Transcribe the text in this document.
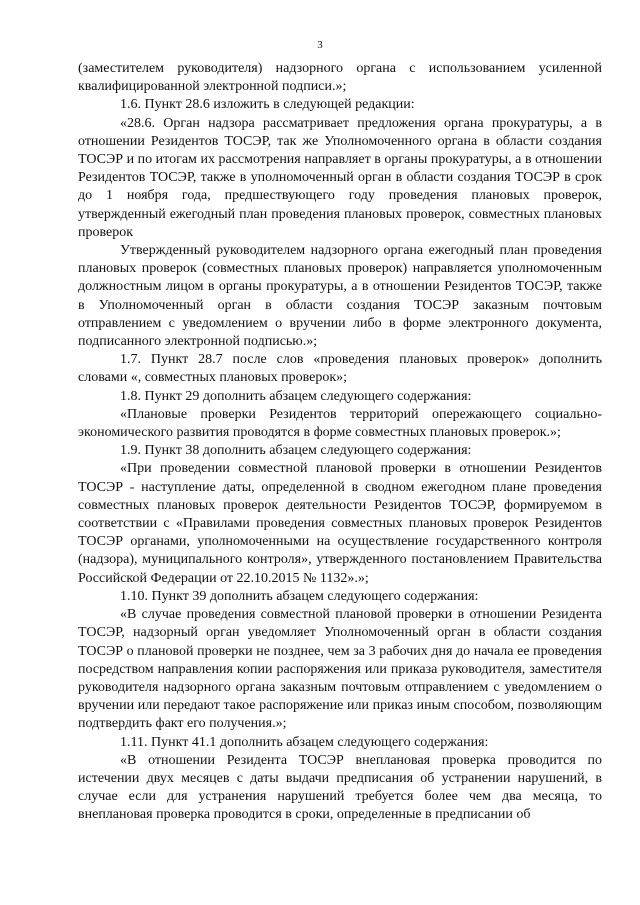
3

(заместителем руководителя) надзорного органа с использованием усиленной квалифицированной электронной подписи.»;

1.6. Пункт 28.6 изложить в следующей редакции:

«28.6. Орган надзора рассматривает предложения органа прокуратуры, а в отношении Резидентов ТОСЭР, так же Уполномоченного органа в области создания ТОСЭР и по итогам их рассмотрения направляет в органы прокуратуры, а в отношении Резидентов ТОСЭР, также в уполномоченный орган в области создания ТОСЭР в срок до 1 ноября года, предшествующего году проведения плановых проверок, утвержденный ежегодный план проведения плановых проверок, совместных плановых проверок

Утвержденный руководителем надзорного органа ежегодный план проведения плановых проверок (совместных плановых проверок) направляется уполномоченным должностным лицом в органы прокуратуры, а в отношении Резидентов ТОСЭР, также в Уполномоченный орган в области создания ТОСЭР заказным почтовым отправлением с уведомлением о вручении либо в форме электронного документа, подписанного электронной подписью.»;

1.7. Пункт 28.7 после слов «проведения плановых проверок» дополнить словами «, совместных плановых проверок»;

1.8. Пункт 29 дополнить абзацем следующего содержания:

«Плановые проверки Резидентов территорий опережающего социально-экономического развития проводятся в форме совместных плановых проверок.»;

1.9. Пункт 38 дополнить абзацем следующего содержания:

«При проведении совместной плановой проверки в отношении Резидентов ТОСЭР - наступление даты, определенной в сводном ежегодном плане проведения совместных плановых проверок деятельности Резидентов ТОСЭР, формируемом в соответствии с «Правилами проведения совместных плановых проверок Резидентов ТОСЭР органами, уполномоченными на осуществление государственного контроля (надзора), муниципального контроля», утвержденного постановлением Правительства Российской Федерации от 22.10.2015 № 1132».»;

1.10. Пункт 39 дополнить абзацем следующего содержания:

«В случае проведения совместной плановой проверки в отношении Резидента ТОСЭР, надзорный орган уведомляет Уполномоченный орган в области создания ТОСЭР о плановой проверки не позднее, чем за 3 рабочих дня до начала ее проведения посредством направления копии распоряжения или приказа руководителя, заместителя руководителя надзорного органа заказным почтовым отправлением с уведомлением о вручении или передают такое распоряжение или приказ иным способом, позволяющим подтвердить факт его получения.»;

1.11. Пункт 41.1 дополнить абзацем следующего содержания:

«В отношении Резидента ТОСЭР внеплановая проверка проводится по истечении двух месяцев с даты выдачи предписания об устранении нарушений, в случае если для устранения нарушений требуется более чем два месяца, то внеплановая проверка проводится в сроки, определенные в предписании об
